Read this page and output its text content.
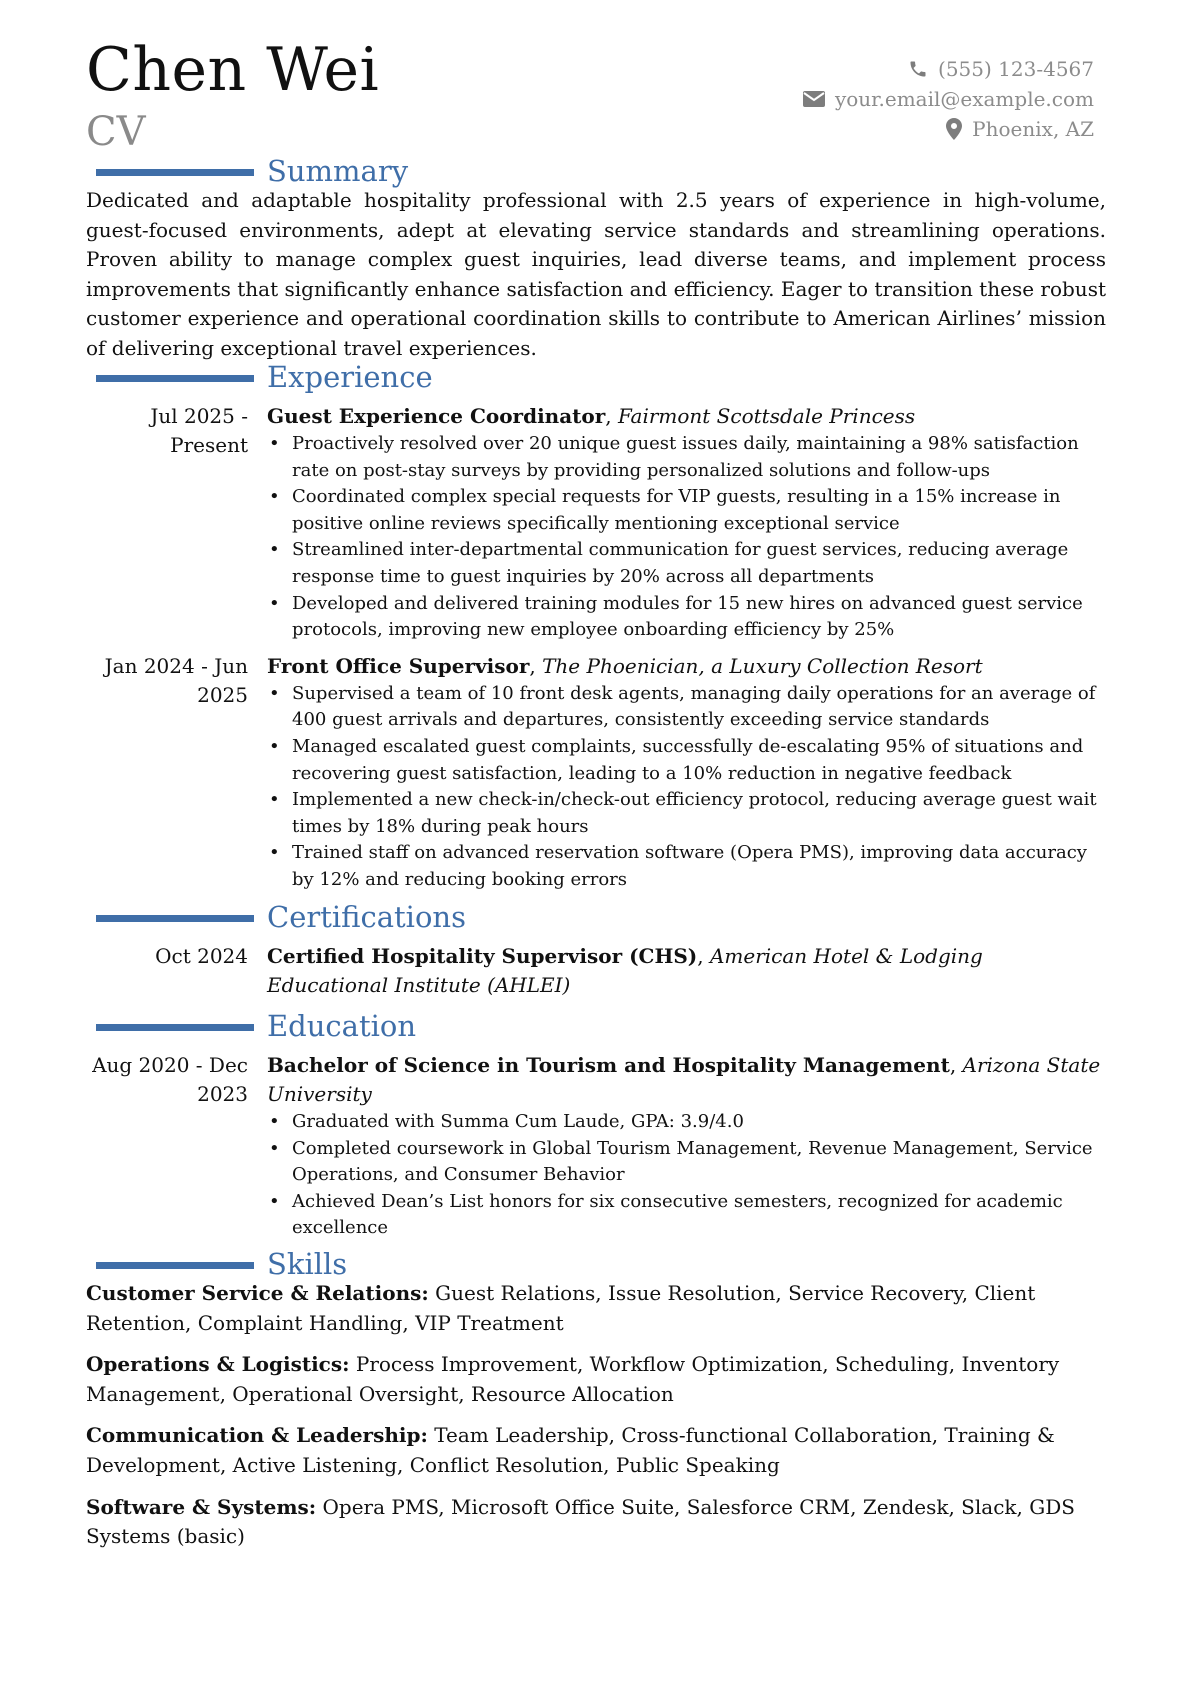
Chen Wei
CV
(555) 123-4567
your.email@example.com
Phoenix, AZ
Summary
Dedicated and adaptable hospitality professional with 2.5 years of experience in high-volume, guest-focused environments, adept at elevating service standards and streamlining operations. Proven ability to manage complex guest inquiries, lead diverse teams, and implement process improvements that significantly enhance satisfaction and efficiency. Eager to transition these robust customer experience and operational coordination skills to contribute to American Airlines’ mission of delivering exceptional travel experiences.
Experience
Jul 2025 - Present
Guest Experience Coordinator, Fairmont Scottsdale Princess
• Proactively resolved over 20 unique guest issues daily, maintaining a 98% satisfaction rate on post-stay surveys by providing personalized solutions and follow-ups
• Coordinated complex special requests for VIP guests, resulting in a 15% increase in positive online reviews specifically mentioning exceptional service
• Streamlined inter-departmental communication for guest services, reducing average response time to guest inquiries by 20% across all departments
• Developed and delivered training modules for 15 new hires on advanced guest service protocols, improving new employee onboarding efficiency by 25%
Jan 2024 - Jun 2025
Front Office Supervisor, The Phoenician, a Luxury Collection Resort
• Supervised a team of 10 front desk agents, managing daily operations for an average of 400 guest arrivals and departures, consistently exceeding service standards
• Managed escalated guest complaints, successfully de-escalating 95% of situations and recovering guest satisfaction, leading to a 10% reduction in negative feedback
• Implemented a new check-in/check-out efficiency protocol, reducing average guest wait times by 18% during peak hours
• Trained staff on advanced reservation software (Opera PMS), improving data accuracy by 12% and reducing booking errors
Certifications
Oct 2024 Certified Hospitality Supervisor (CHS), American Hotel & Lodging Educational Institute (AHLEI)
Education
Aug 2020 - Dec 2023
Bachelor of Science in Tourism and Hospitality Management, Arizona State University
• Graduated with Summa Cum Laude, GPA: 3.9/4.0
• Completed coursework in Global Tourism Management, Revenue Management, Service Operations, and Consumer Behavior
• Achieved Dean’s List honors for six consecutive semesters, recognized for academic excellence
Skills
Customer Service & Relations: Guest Relations, Issue Resolution, Service Recovery, Client Retention, Complaint Handling, VIP Treatment
Operations & Logistics: Process Improvement, Workflow Optimization, Scheduling, Inventory Management, Operational Oversight, Resource Allocation
Communication & Leadership: Team Leadership, Cross-functional Collaboration, Training & Development, Active Listening, Conflict Resolution, Public Speaking
Software & Systems: Opera PMS, Microsoft Office Suite, Salesforce CRM, Zendesk, Slack, GDS Systems (basic)
